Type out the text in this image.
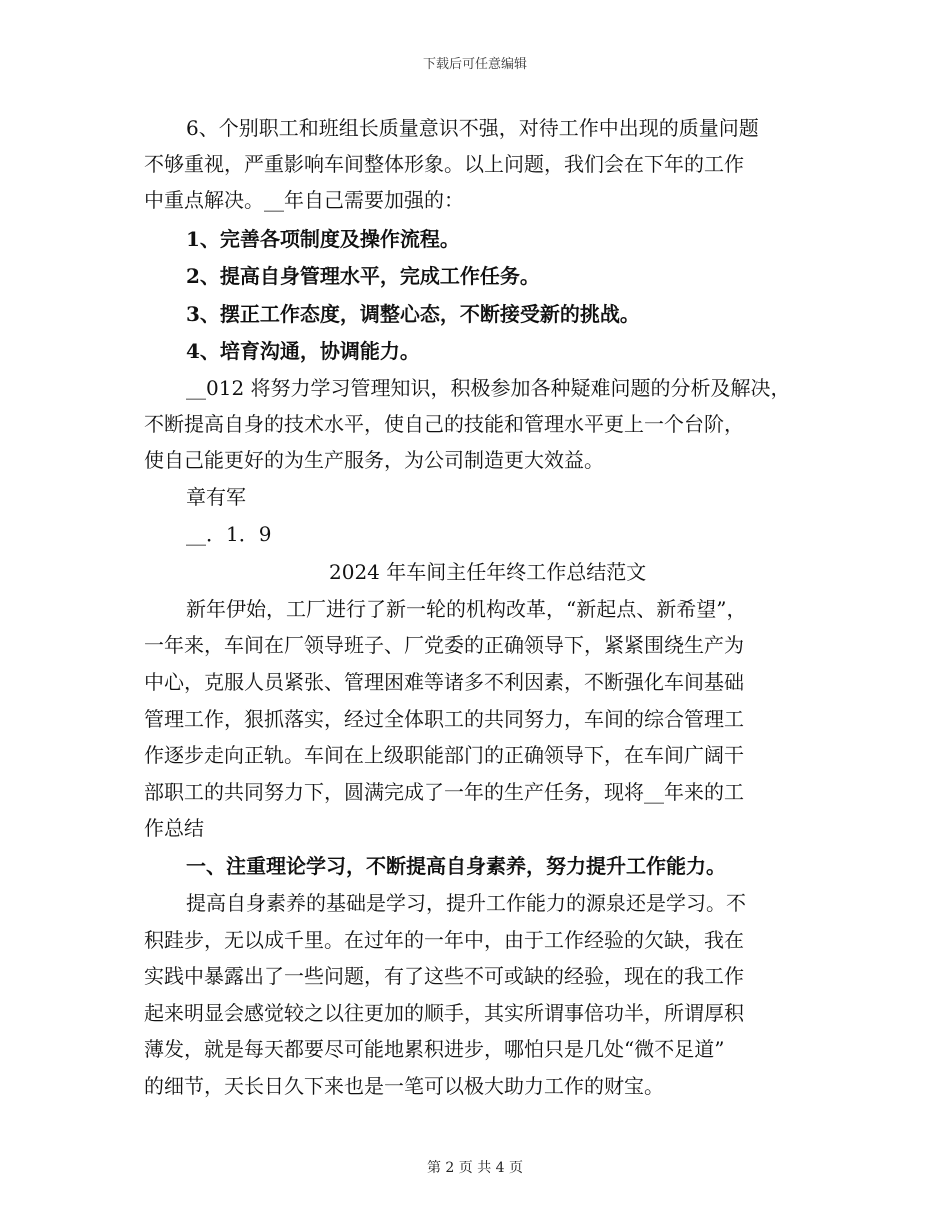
下载后可任意编辑
6、个别职工和班组长质量意识不强，对待工作中出现的质量问题
不够重视，严重影响车间整体形象。以上问题，我们会在下年的工作
中重点解决。__年自己需要加强的：
1、完善各项制度及操作流程。
2、提高自身管理水平，完成工作任务。
3、摆正工作态度，调整心态，不断接受新的挑战。
4、培育沟通，协调能力。
__012 将努力学习管理知识，积极参加各种疑难问题的分析及解决，
不断提高自身的技术水平，使自己的技能和管理水平更上一个台阶，
使自己能更好的为生产服务，为公司制造更大效益。
章有军
__．1．9
2024 年车间主任年终工作总结范文
新年伊始，工厂进行了新一轮的机构改革，“新起点、新希望”，
一年来，车间在厂领导班子、厂党委的正确领导下，紧紧围绕生产为
中心，克服人员紧张、管理困难等诸多不利因素，不断强化车间基础
管理工作，狠抓落实，经过全体职工的共同努力，车间的综合管理工
作逐步走向正轨。车间在上级职能部门的正确领导下，在车间广阔干
部职工的共同努力下，圆满完成了一年的生产任务，现将__年来的工
作总结
一、注重理论学习，不断提高自身素养，努力提升工作能力。
提高自身素养的基础是学习，提升工作能力的源泉还是学习。不
积跬步，无以成千里。在过年的一年中，由于工作经验的欠缺，我在
实践中暴露出了一些问题，有了这些不可或缺的经验，现在的我工作
起来明显会感觉较之以往更加的顺手，其实所谓事倍功半，所谓厚积
薄发，就是每天都要尽可能地累积进步，哪怕只是几处“微不足道”
的细节，天长日久下来也是一笔可以极大助力工作的财宝。
第 2 页 共 4 页
